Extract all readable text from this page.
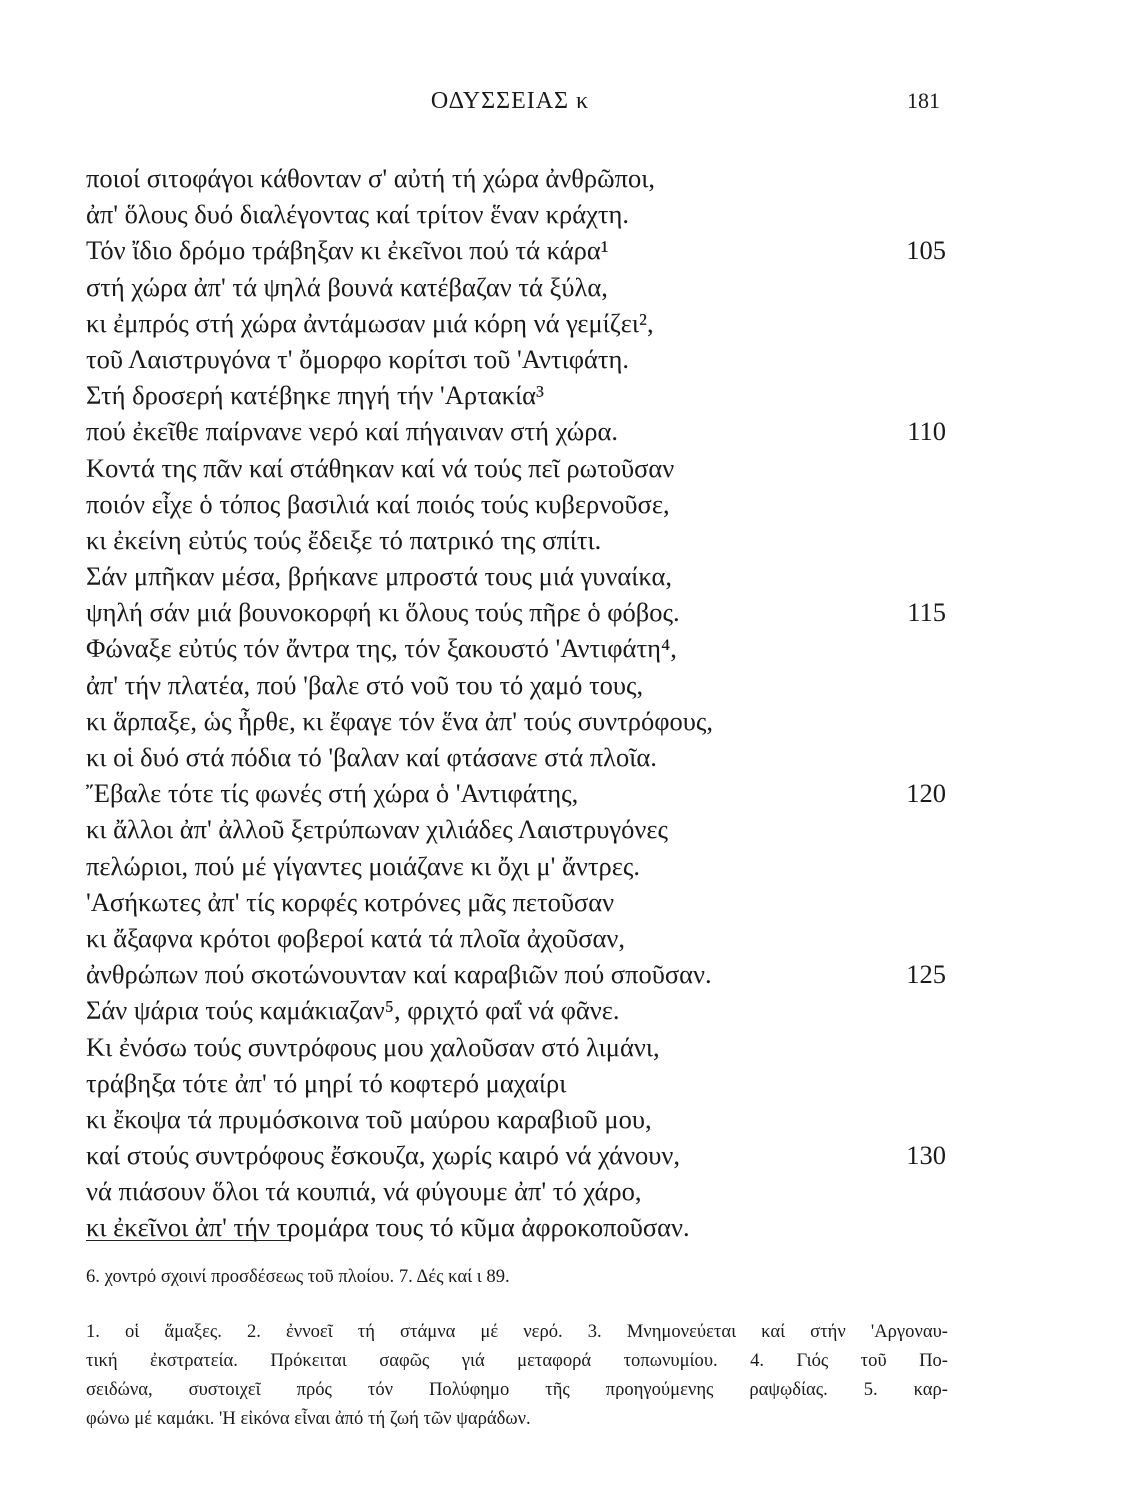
ΟΔΥΣΣΕΙΑΣ κ	181
ποιοί σιτοφάγοι κάθονταν σ' αὐτή τή χώρα ἀνθρῶποι,
ἀπ' ὅλους δυό διαλέγοντας καί τρίτον ἕναν κράχτη.
Τόν ἴδιο δρόμο τράβηξαν κι ἐκεῖνοι πού τά κάρα¹	105
στή χώρα ἀπ' τά ψηλά βουνά κατέβαζαν τά ξύλα,
κι ἐμπρός στή χώρα ἀντάμωσαν μιά κόρη νά γεμίζει²,
τοῦ Λαιστρυγόνα τ' ὄμορφο κορίτσι τοῦ 'Αντιφάτη.
Στή δροσερή κατέβηκε πηγή τήν 'Αρτακία³
πού ἐκεῖθε παίρνανε νερό καί πήγαιναν στή χώρα.	110
Κοντά της πᾶν καί στάθηκαν καί νά τούς πεῖ ρωτοῦσαν
ποιόν εἶχε ὁ τόπος βασιλιά καί ποιός τούς κυβερνοῦσε,
κι ἐκείνη εὐτύς τούς ἔδειξε τό πατρικό της σπίτι.
Σάν μπῆκαν μέσα, βρήκανε μπροστά τους μιά γυναίκα,
ψηλή σάν μιά βουνοκορφή κι ὅλους τούς πῆρε ὁ φόβος.	115
Φώναξε εὐτύς τόν ἄντρα της, τόν ξακουστό 'Αντιφάτη⁴,
ἀπ' τήν πλατέα, πού 'βαλε στό νοῦ του τό χαμό τους,
κι ἅρπαξε, ὡς ἦρθε, κι ἔφαγε τόν ἕνα ἀπ' τούς συντρόφους,
κι οἱ δυό στά πόδια τό 'βαλαν καί φτάσανε στά πλοῖα.
Ἔβαλε τότε τίς φωνές στή χώρα ὁ 'Αντιφάτης,	120
κι ἄλλοι ἀπ' ἀλλοῦ ξετρύπωναν χιλιάδες Λαιστρυγόνες
πελώριοι, πού μέ γίγαντες μοιάζανε κι ὄχι μ' ἄντρες.
'Ασήκωτες ἀπ' τίς κορφές κοτρόνες μᾶς πετοῦσαν
κι ἄξαφνα κρότοι φοβεροί κατά τά πλοῖα ἀχοῦσαν,
ἀνθρώπων πού σκοτώνουνταν καί καραβιῶν πού σποῦσαν.	125
Σάν ψάρια τούς καμάκιαζαν⁵, φριχτό φαΐ νά φᾶνε.
Κι ἐνόσω τούς συντρόφους μου χαλοῦσαν στό λιμάνι,
τράβηξα τότε ἀπ' τό μηρί τό κοφτερό μαχαίρι
κι ἔκοψα τά πρυμόσκοινα τοῦ μαύρου καραβιοῦ μου,
καί στούς συντρόφους ἔσκουζα, χωρίς καιρό νά χάνουν,	130
νά πιάσουν ὅλοι τά κουπιά, νά φύγουμε ἀπ' τό χάρο,
κι ἐκεῖνοι ἀπ' τήν τρομάρα τους τό κῦμα ἀφροκοποῦσαν.
6. χοντρό σχοινί προσδέσεως τοῦ πλοίου. 7. Δές καί ι 89.
1. οἱ ἅμαξες. 2. ἐννοεῖ τή στάμνα μέ νερό. 3. Μνημονεύεται καί στήν 'Αργοναυ-
τική ἐκστρατεία. Πρόκειται σαφῶς γιά μεταφορά τοπωνυμίου. 4. Γιός τοῦ Πο-
σειδώνα, συστοιχεῖ πρός τόν Πολύφημο τῆς προηγούμενης ραψῳδίας. 5. καρ-
φώνω μέ καμάκι. 'Η εἰκόνα εἶναι ἀπό τή ζωή τῶν ψαράδων.
